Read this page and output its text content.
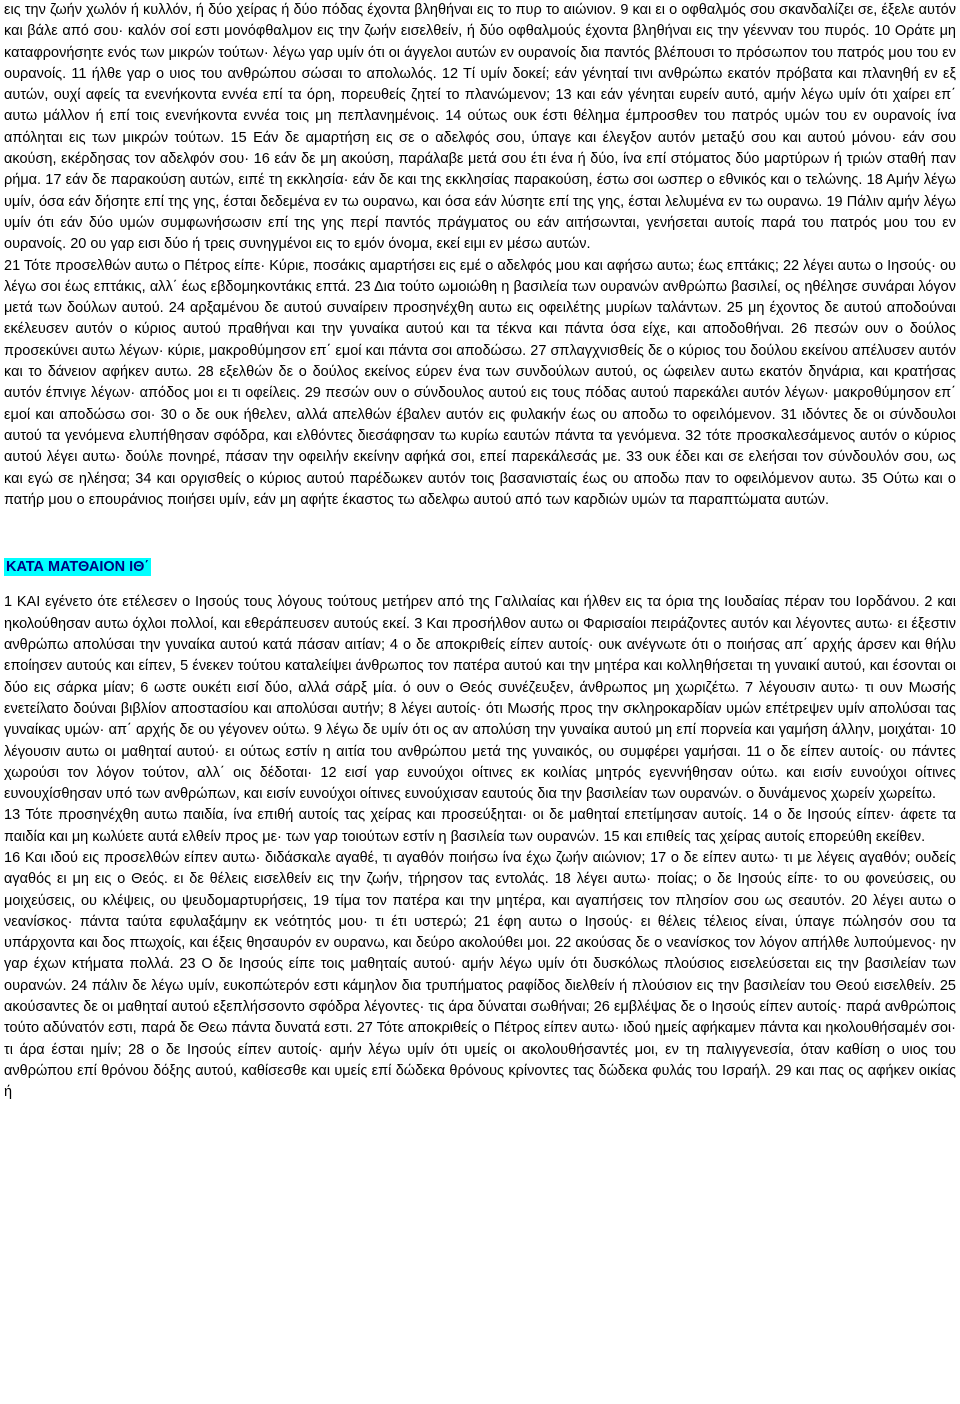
εις την ζωήν χωλόν ή κυλλόν, ή δύο χείρας ή δύο πόδας έχοντα βληθήναι εις το πυρ το αιώνιον. 9 και ει ο οφθαλμός σου σκανδαλίζει σε, έξελε αυτόν και βάλε από σου· καλόν σοί εστι μονόφθαλμον εις την ζωήν εισελθείν, ή δύο οφθαλμούς έχοντα βληθήναι εις την γέενναν του πυρός. 10 Οράτε μη καταφρονήσητε ενός των μικρών τούτων· λέγω γαρ υμίν ότι οι άγγελοι αυτών εν ουρανοίς δια παντός βλέπουσι το πρόσωπον του πατρός μου του εν ουρανοίς. 11 ήλθε γαρ ο υιος του ανθρώπου σώσαι το απολωλός. 12 Τί υμίν δοκεί; εάν γένηταί τινι ανθρώπω εκατόν πρόβατα και πλανηθή εν εξ αυτών, ουχί αφείς τα ενενήκοντα εννέα επί τα όρη, πορευθείς ζητεί το πλανώμενον; 13 και εάν γένηται ευρείν αυτό, αμήν λέγω υμίν ότι χαίρει επ΄ αυτω μάλλον ή επί τοις ενενήκοντα εννέα τοις μη πεπλανημένοις. 14 ούτως ουκ έστι θέλημα έμπροσθεν του πατρός υμών του εν ουρανοίς ίνα απόληται εις των μικρών τούτων. 15 Εάν δε αμαρτήση εις σε ο αδελφός σου, ύπαγε και έλεγξον αυτόν μεταξύ σου και αυτού μόνου· εάν σου ακούση, εκέρδησας τον αδελφόν σου· 16 εάν δε μη ακούση, παράλαβε μετά σου έτι ένα ή δύο, ίνα επί στόματος δύο μαρτύρων ή τριών σταθή παν ρήμα. 17 εάν δε παρακούση αυτών, ειπέ τη εκκλησία· εάν δε και της εκκλησίας παρακούση, έστω σοι ωσπερ ο εθνικός και ο τελώνης. 18 Αμήν λέγω υμίν, όσα εάν δήσητε επί της γης, έσται δεδεμένα εν τω ουρανω, και όσα εάν λύσητε επί της γης, έσται λελυμένα εν τω ουρανω. 19 Πάλιν αμήν λέγω υμίν ότι εάν δύο υμών συμφωνήσωσιν επί της γης περί παντός πράγματος ου εάν αιτήσωνται, γενήσεται αυτοίς παρά του πατρός μου του εν ουρανοίς. 20 ου γαρ εισι δύο ή τρεις συνηγμένοι εις το εμόν όνομα, εκεί ειμι εν μέσω αυτών.

21 Τότε προσελθών αυτω ο Πέτρος είπε· Κύριε, ποσάκις αμαρτήσει εις εμέ ο αδελφός μου και αφήσω αυτω; έως επτάκις; 22 λέγει αυτω ο Ιησούς· ου λέγω σοι έως επτάκις, αλλ΄ έως εβδομηκοντάκις επτά. 23 Δια τούτο ωμοιώθη η βασιλεία των ουρανών ανθρώπω βασιλεί, ος ηθέλησε συνάραι λόγον μετά των δούλων αυτού. 24 αρξαμένου δε αυτού συναίρειν προσηνέχθη αυτω εις οφειλέτης μυρίων ταλάντων. 25 μη έχοντος δε αυτού αποδούναι εκέλευσεν αυτόν ο κύριος αυτού πραθήναι και την γυναίκα αυτού και τα τέκνα και πάντα όσα είχε, και αποδοθήναι. 26 πεσών ουν ο δούλος προσεκύνει αυτω λέγων· κύριε, μακροθύμησον επ΄ εμοί και πάντα σοι αποδώσω. 27 σπλαγχνισθείς δε ο κύριος του δούλου εκείνου απέλυσεν αυτόν και το δάνειον αφήκεν αυτω. 28 εξελθών δε ο δούλος εκείνος εύρεν ένα των συνδούλων αυτού, ος ώφειλεν αυτω εκατόν δηνάρια, και κρατήσας αυτόν έπνιγε λέγων· απόδος μοι ει τι οφείλεις. 29 πεσών ουν ο σύνδουλος αυτού εις τους πόδας αυτού παρεκάλει αυτόν λέγων· μακροθύμησον επ΄ εμοί και αποδώσω σοι· 30 ο δε ουκ ήθελεν, αλλά απελθών έβαλεν αυτόν εις φυλακήν έως ου αποδω το οφειλόμενον. 31 ιδόντες δε οι σύνδουλοι αυτού τα γενόμενα ελυπήθησαν σφόδρα, και ελθόντες διεσάφησαν τω κυρίω εαυτών πάντα τα γενόμενα. 32 τότε προσκαλεσάμενος αυτόν ο κύριος αυτού λέγει αυτω· δούλε πονηρέ, πάσαν την οφειλήν εκείνην αφήκά σοι, επεί παρεκάλεσάς με. 33 ουκ έδει και σε ελεήσαι τον σύνδουλόν σου, ως και εγώ σε ηλέησα; 34 και οργισθείς ο κύριος αυτού παρέδωκεν αυτόν τοις βασανισταίς έως ου αποδω παν το οφειλόμενον αυτω. 35 Ούτω και ο πατήρ μου ο επουράνιος ποιήσει υμίν, εάν μη αφήτε έκαστος τω αδελφω αυτού από των καρδιών υμών τα παραπτώματα αυτών.

ΚΑΤΑ ΜΑΤΘΑΙΟΝ ΙΘ΄

1 ΚΑΙ εγένετο ότε ετέλεσεν ο Ιησούς τους λόγους τούτους μετήρεν από της Γαλιλαίας και ήλθεν εις τα όρια της Ιουδαίας πέραν του Ιορδάνου. 2 και ηκολούθησαν αυτω όχλοι πολλοί, και εθεράπευσεν αυτούς εκεί. 3 Και προσήλθον αυτω οι Φαρισαίοι πειράζοντες αυτόν και λέγοντες αυτω· ει έξεστιν ανθρώπω απολύσαι την γυναίκα αυτού κατά πάσαν αιτίαν; 4 ο δε αποκριθείς είπεν αυτοίς· ουκ ανέγνωτε ότι ο ποιήσας απ΄ αρχής άρσεν και θήλυ εποίησεν αυτούς και είπεν, 5 ένεκεν τούτου καταλείψει άνθρωπος τον πατέρα αυτού και την μητέρα και κολληθήσεται τη γυναικί αυτού, και έσονται οι δύο εις σάρκα μίαν; 6 ωστε ουκέτι εισί δύο, αλλά σάρξ μία. ό ουν ο Θεός συνέζευξεν, άνθρωπος μη χωριζέτω. 7 λέγουσιν αυτω· τι ουν Μωσής ενετείλατο δούναι βιβλίον αποστασίου και απολύσαι αυτήν; 8 λέγει αυτοίς· ότι Μωσής προς την σκληροκαρδίαν υμών επέτρεψεν υμίν απολύσαι τας γυναίκας υμών· απ΄ αρχής δε ου γέγονεν ούτω. 9 λέγω δε υμίν ότι ος αν απολύση την γυναίκα αυτού μη επί πορνεία και γαμήση άλλην, μοιχάται· 10 λέγουσιν αυτω οι μαθηταί αυτού· ει ούτως εστίν η αιτία του ανθρώπου μετά της γυναικός, ου συμφέρει γαμήσαι. 11 ο δε είπεν αυτοίς· ου πάντες χωρούσι τον λόγον τούτον, αλλ΄ οις δέδοται· 12 εισί γαρ ευνούχοι οίτινες εκ κοιλίας μητρός εγεννήθησαν ούτω. και εισίν ευνούχοι οίτινες ευνουχίσθησαν υπό των ανθρώπων, και εισίν ευνούχοι οίτινες ευνούχισαν εαυτούς δια την βασιλείαν των ουρανών. ο δυνάμενος χωρείν χωρείτω.

13 Τότε προσηνέχθη αυτω παιδία, ίνα επιθή αυτοίς τας χείρας και προσεύξηται· οι δε μαθηταί επετίμησαν αυτοίς. 14 ο δε Ιησούς είπεν· άφετε τα παιδία και μη κωλύετε αυτά ελθείν προς με· των γαρ τοιούτων εστίν η βασιλεία των ουρανών. 15 και επιθείς τας χείρας αυτοίς επορεύθη εκείθεν.

16 Και ιδού εις προσελθών είπεν αυτω· διδάσκαλε αγαθέ, τι αγαθόν ποιήσω ίνα έχω ζωήν αιώνιον; 17 ο δε είπεν αυτω· τι με λέγεις αγαθόν; ουδείς αγαθός ει μη εις ο Θεός. ει δε θέλεις εισελθείν εις την ζωήν, τήρησον τας εντολάς. 18 λέγει αυτω· ποίας; ο δε Ιησούς είπε· το ου φονεύσεις, ου μοιχεύσεις, ου κλέψεις, ου ψευδομαρτυρήσεις, 19 τίμα τον πατέρα και την μητέρα, και αγαπήσεις τον πλησίον σου ως σεαυτόν. 20 λέγει αυτω ο νεανίσκος· πάντα ταύτα εφυλαξάμην εκ νεότητός μου· τι έτι υστερώ; 21 έφη αυτω ο Ιησούς· ει θέλεις τέλειος είναι, ύπαγε πώλησόν σου τα υπάρχοντα και δος πτωχοίς, και έξεις θησαυρόν εν ουρανω, και δεύρο ακολούθει μοι. 22 ακούσας δε ο νεανίσκος τον λόγον απήλθε λυπούμενος· ην γαρ έχων κτήματα πολλά. 23 Ο δε Ιησούς είπε τοις μαθηταίς αυτού· αμήν λέγω υμίν ότι δυσκόλως πλούσιος εισελεύσεται εις την βασιλείαν των ουρανών. 24 πάλιν δε λέγω υμίν, ευκοπώτερόν εστι κάμηλον δια τρυπήματος ραφίδος διελθείν ή πλούσιον εις την βασιλείαν του Θεού εισελθείν. 25 ακούσαντες δε οι μαθηταί αυτού εξεπλήσσοντο σφόδρα λέγοντες· τις άρα δύναται σωθήναι; 26 εμβλέψας δε ο Ιησούς είπεν αυτοίς· παρά ανθρώποις τούτο αδύνατόν εστι, παρά δε Θεω πάντα δυνατά εστι. 27 Τότε αποκριθείς ο Πέτρος είπεν αυτω· ιδού ημείς αφήκαμεν πάντα και ηκολουθήσαμέν σοι· τι άρα έσται ημίν; 28 ο δε Ιησούς είπεν αυτοίς· αμήν λέγω υμίν ότι υμείς οι ακολουθήσαντές μοι, εν τη παλιγγενεσία, όταν καθίση ο υιος του ανθρώπου επί θρόνου δόξης αυτού, καθίσεσθε και υμείς επί δώδεκα θρόνους κρίνοντες τας δώδεκα φυλάς του Ισραήλ. 29 και πας ος αφήκεν οικίας ή
